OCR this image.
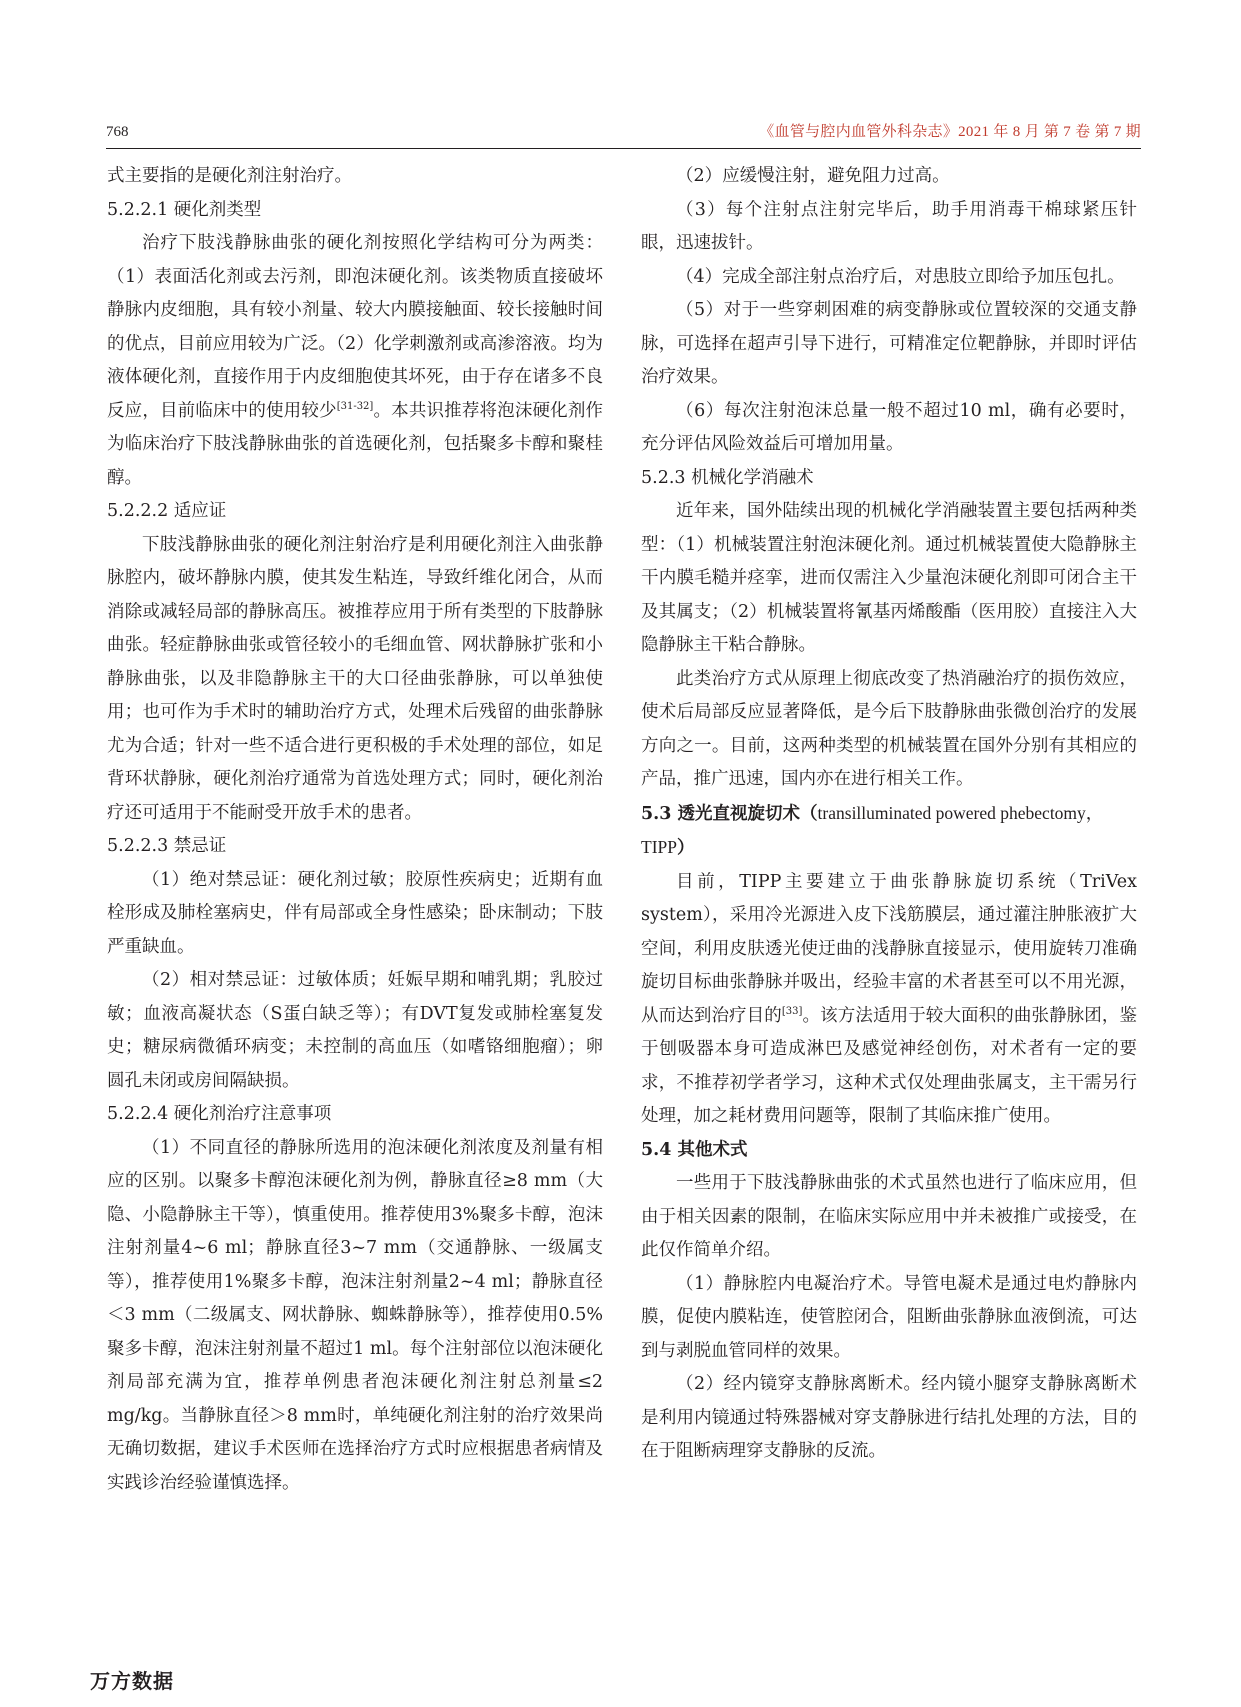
768	《血管与腔内血管外科杂志》2021 年 8 月 第 7 卷 第 7 期

式主要指的是硬化剂注射治疗。

5.2.2.1 硬化剂类型

治疗下肢浅静脉曲张的硬化剂按照化学结构可分为两类：（1）表面活化剂或去污剂，即泡沫硬化剂。该类物质直接破坏静脉内皮细胞，具有较小剂量、较大内膜接触面、较长接触时间的优点，目前应用较为广泛。（2）化学刺激剂或高渗溶液。均为液体硬化剂，直接作用于内皮细胞使其坏死，由于存在诸多不良反应，目前临床中的使用较少[31-32]。本共识推荐将泡沫硬化剂作为临床治疗下肢浅静脉曲张的首选硬化剂，包括聚多卡醇和聚桂醇。

5.2.2.2 适应证

下肢浅静脉曲张的硬化剂注射治疗是利用硬化剂注入曲张静脉腔内，破坏静脉内膜，使其发生粘连，导致纤维化闭合，从而消除或减轻局部的静脉高压。被推荐应用于所有类型的下肢静脉曲张。轻症静脉曲张或管径较小的毛细血管、网状静脉扩张和小静脉曲张，以及非隐静脉主干的大口径曲张静脉，可以单独使用；也可作为手术时的辅助治疗方式，处理术后残留的曲张静脉尤为合适；针对一些不适合进行更积极的手术处理的部位，如足背环状静脉，硬化剂治疗通常为首选处理方式；同时，硬化剂治疗还可适用于不能耐受开放手术的患者。

5.2.2.3 禁忌证

（1）绝对禁忌证：硬化剂过敏；胶原性疾病史；近期有血栓形成及肺栓塞病史，伴有局部或全身性感染；卧床制动；下肢严重缺血。

（2）相对禁忌证：过敏体质；妊娠早期和哺乳期；乳胶过敏；血液高凝状态（S蛋白缺乏等）；有DVT复发或肺栓塞复发史；糖尿病微循环病变；未控制的高血压（如嗜铬细胞瘤）；卵圆孔未闭或房间隔缺损。

5.2.2.4 硬化剂治疗注意事项

（1）不同直径的静脉所选用的泡沫硬化剂浓度及剂量有相应的区别。以聚多卡醇泡沫硬化剂为例，静脉直径≥8 mm（大隐、小隐静脉主干等），慎重使用。推荐使用3%聚多卡醇，泡沫注射剂量4~6 ml；静脉直径3~7 mm（交通静脉、一级属支等），推荐使用1%聚多卡醇，泡沫注射剂量2~4 ml；静脉直径＜3 mm（二级属支、网状静脉、蜘蛛静脉等），推荐使用0.5%聚多卡醇，泡沫注射剂量不超过1 ml。每个注射部位以泡沫硬化剂局部充满为宜，推荐单例患者泡沫硬化剂注射总剂量≤2 mg/kg。当静脉直径＞8 mm时，单纯硬化剂注射的治疗效果尚无确切数据，建议手术医师在选择治疗方式时应根据患者病情及实践诊治经验谨慎选择。

（2）应缓慢注射，避免阻力过高。

（3）每个注射点注射完毕后，助手用消毒干棉球紧压针眼，迅速拔针。

（4）完成全部注射点治疗后，对患肢立即给予加压包扎。

（5）对于一些穿刺困难的病变静脉或位置较深的交通支静脉，可选择在超声引导下进行，可精准定位靶静脉，并即时评估治疗效果。

（6）每次注射泡沫总量一般不超过10 ml，确有必要时，充分评估风险效益后可增加用量。

5.2.3 机械化学消融术

近年来，国外陆续出现的机械化学消融装置主要包括两种类型：（1）机械装置注射泡沫硬化剂。通过机械装置使大隐静脉主干内膜毛糙并痉挛，进而仅需注入少量泡沫硬化剂即可闭合主干及其属支；（2）机械装置将氰基丙烯酸酯（医用胶）直接注入大隐静脉主干粘合静脉。

此类治疗方式从原理上彻底改变了热消融治疗的损伤效应，使术后局部反应显著降低，是今后下肢静脉曲张微创治疗的发展方向之一。目前，这两种类型的机械装置在国外分别有其相应的产品，推广迅速，国内亦在进行相关工作。

5.3 透光直视旋切术（transilluminated powered phebectomy，TIPP）

目前，TIPP主要建立于曲张静脉旋切系统（TriVex system），采用冷光源进入皮下浅筋膜层，通过灌注肿胀液扩大空间，利用皮肤透光使迂曲的浅静脉直接显示，使用旋转刀准确旋切目标曲张静脉并吸出，经验丰富的术者甚至可以不用光源，从而达到治疗目的[33]。该方法适用于较大面积的曲张静脉团，鉴于刨吸器本身可造成淋巴及感觉神经创伤，对术者有一定的要求，不推荐初学者学习，这种术式仅处理曲张属支，主干需另行处理，加之耗材费用问题等，限制了其临床推广使用。

5.4 其他术式

一些用于下肢浅静脉曲张的术式虽然也进行了临床应用，但由于相关因素的限制，在临床实际应用中并未被推广或接受，在此仅作简单介绍。

（1）静脉腔内电凝治疗术。导管电凝术是通过电灼静脉内膜，促使内膜粘连，使管腔闭合，阻断曲张静脉血液倒流，可达到与剥脱血管同样的效果。

（2）经内镜穿支静脉离断术。经内镜小腿穿支静脉离断术是利用内镜通过特殊器械对穿支静脉进行结扎处理的方法，目的在于阻断病理穿支静脉的反流。

万方数据
